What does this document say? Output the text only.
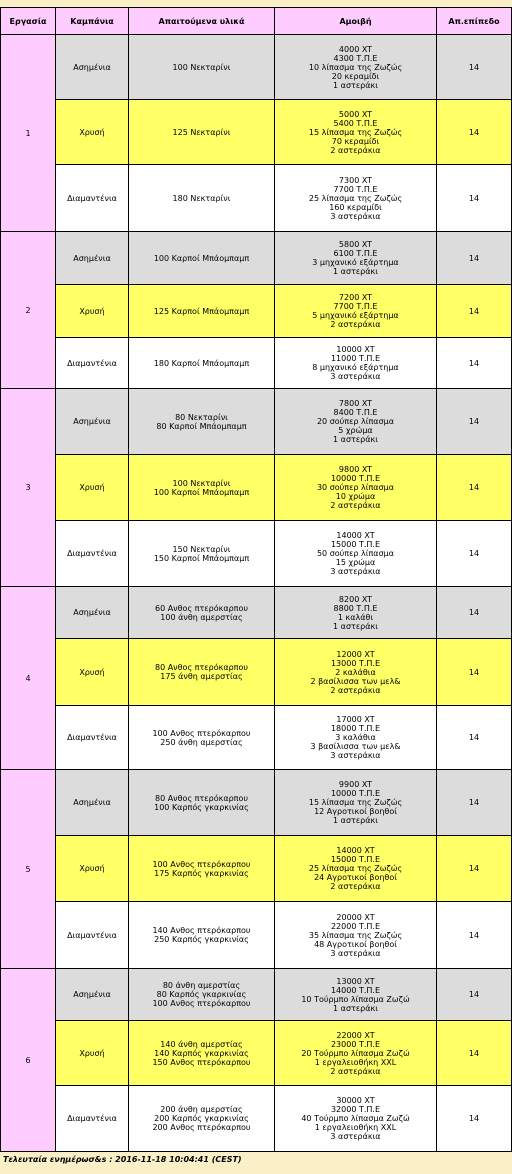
Εργασία	Καμπάνια	Απαιτούμενα υλικά	Αμοιβή	Απ.επίπεδο
1	Ασημένια	100 Νεκταρίνι	4000 XT
4300 Τ.Π.Ε
10 λίπασμα της Ζωζώς
20 κεραμίδι
1 αστεράκι	14
	Χρυσή	125 Νεκταρίνι	5000 XT
5400 Τ.Π.Ε
15 λίπασμα της Ζωζώς
70 κεραμίδι
2 αστεράκια	14
	Διαμαντένια	180 Νεκταρίνι	7300 XT
7700 Τ.Π.Ε
25 λίπασμα της Ζωζώς
160 κεραμίδι
3 αστεράκια	14
2	Ασημένια	100 Καρποί Μπάομπαμπ	5800 XT
6100 Τ.Π.Ε
3 μηχανικό εξάρτημα
1 αστεράκι	14
	Χρυσή	125 Καρποί Μπάομπαμπ	7200 XT
7700 Τ.Π.Ε
5 μηχανικό εξάρτημα
2 αστεράκια	14
	Διαμαντένια	180 Καρποί Μπάομπαμπ	10000 XT
11000 Τ.Π.Ε
8 μηχανικό εξάρτημα
3 αστεράκια	14
3	Ασημένια	80 Νεκταρίνι
80 Καρποί Μπάομπαμπ	7800 XT
8400 Τ.Π.Ε
20 σούπερ λίπασμα
5 χρώμα
1 αστεράκι	14
	Χρυσή	100 Νεκταρίνι
100 Καρποί Μπάομπαμπ	9800 XT
10000 Τ.Π.Ε
30 σούπερ λίπασμα
10 χρώμα
2 αστεράκια	14
	Διαμαντένια	150 Νεκταρίνι
150 Καρποί Μπάομπαμπ	14000 XT
15000 Τ.Π.Ε
50 σούπερ λίπασμα
15 χρώμα
3 αστεράκια	14
4	Ασημένια	60 Ανθος πτερόκαρπου
100 άνθη αμερστίας	8200 XT
8800 Τ.Π.Ε
1 καλάθι
1 αστεράκι	14
	Χρυσή	80 Ανθος πτερόκαρπου
175 άνθη αμερστίας	12000 XT
13000 Τ.Π.Ε
2 καλάθια
2 βασίλισσα των μελ&
2 αστεράκια	14
	Διαμαντένια	100 Ανθος πτερόκαρπου
250 άνθη αμερστίας	17000 XT
18000 Τ.Π.Ε
3 καλάθια
3 βασίλισσα των μελ&
3 αστεράκια	14
5	Ασημένια	80 Ανθος πτερόκαρπου
100 Καρπός γκαρκινίας	9900 XT
10000 Τ.Π.Ε
15 λίπασμα της Ζωζώς
12 Αγροτικοί βοηθοί
1 αστεράκι	14
	Χρυσή	100 Ανθος πτερόκαρπου
175 Καρπός γκαρκινίας	14000 XT
15000 Τ.Π.Ε
25 λίπασμα της Ζωζώς
24 Αγροτικοί βοηθοί
2 αστεράκια	14
	Διαμαντένια	140 Ανθος πτερόκαρπου
250 Καρπός γκαρκινίας	20000 XT
22000 Τ.Π.Ε
35 λίπασμα της Ζωζώς
48 Αγροτικοί βοηθοί
3 αστεράκια	14
6	Ασημένια	80 άνθη αμερστίας
80 Καρπός γκαρκινίας
100 Ανθος πτερόκαρπου	13000 XT
14000 Τ.Π.Ε
10 Τούρμπο λίπασμα Ζωζώ
1 αστεράκι	14
	Χρυσή	140 άνθη αμερστίας
140 Καρπός γκαρκινίας
150 Ανθος πτερόκαρπου	22000 XT
23000 Τ.Π.Ε
20 Τούρμπο λίπασμα Ζωζώ
1 εργαλειοθήκη XXL
2 αστεράκια	14
	Διαμαντένια	200 άνθη αμερστίας
200 Καρπός γκαρκινίας
200 Ανθος πτερόκαρπου	30000 XT
32000 Τ.Π.Ε
40 Τούρμπο λίπασμα Ζωζώ
1 εργαλειοθήκη XXL
3 αστεράκια	14
Τελευταία ενημέρωσ&s : 2016-11-18 10:04:41 (CEST)
